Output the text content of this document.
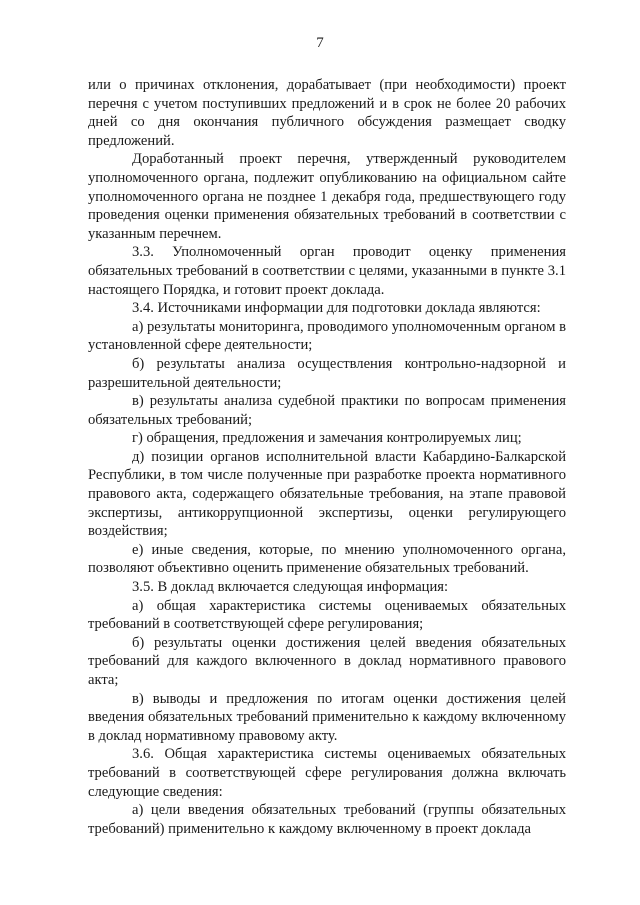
7

или о причинах отклонения, дорабатывает (при необходимости) проект перечня с учетом поступивших предложений и в срок не более 20 рабочих дней со дня окончания публичного обсуждения размещает сводку предложений.

Доработанный проект перечня, утвержденный руководителем уполномоченного органа, подлежит опубликованию на официальном сайте уполномоченного органа не позднее 1 декабря года, предшествующего году проведения оценки применения обязательных требований в соответствии с указанным перечнем.

3.3. Уполномоченный орган проводит оценку применения обязательных требований в соответствии с целями, указанными в пункте 3.1 настоящего Порядка, и готовит проект доклада.

3.4. Источниками информации для подготовки доклада являются:

а) результаты мониторинга, проводимого уполномоченным органом в установленной сфере деятельности;

б) результаты анализа осуществления контрольно-надзорной и разрешительной деятельности;

в) результаты анализа судебной практики по вопросам применения обязательных требований;

г) обращения, предложения и замечания контролируемых лиц;

д) позиции органов исполнительной власти Кабардино-Балкарской Республики, в том числе полученные при разработке проекта нормативного правового акта, содержащего обязательные требования, на этапе правовой экспертизы, антикоррупционной экспертизы, оценки регулирующего воздействия;

е) иные сведения, которые, по мнению уполномоченного органа, позволяют объективно оценить применение обязательных требований.

3.5. В доклад включается следующая информация:

а) общая характеристика системы оцениваемых обязательных требований в соответствующей сфере регулирования;

б) результаты оценки достижения целей введения обязательных требований для каждого включенного в доклад нормативного правового акта;

в) выводы и предложения по итогам оценки достижения целей введения обязательных требований применительно к каждому включенному в доклад нормативному правовому акту.

3.6. Общая характеристика системы оцениваемых обязательных требований в соответствующей сфере регулирования должна включать следующие сведения:

а) цели введения обязательных требований (группы обязательных требований) применительно к каждому включенному в проект доклада
